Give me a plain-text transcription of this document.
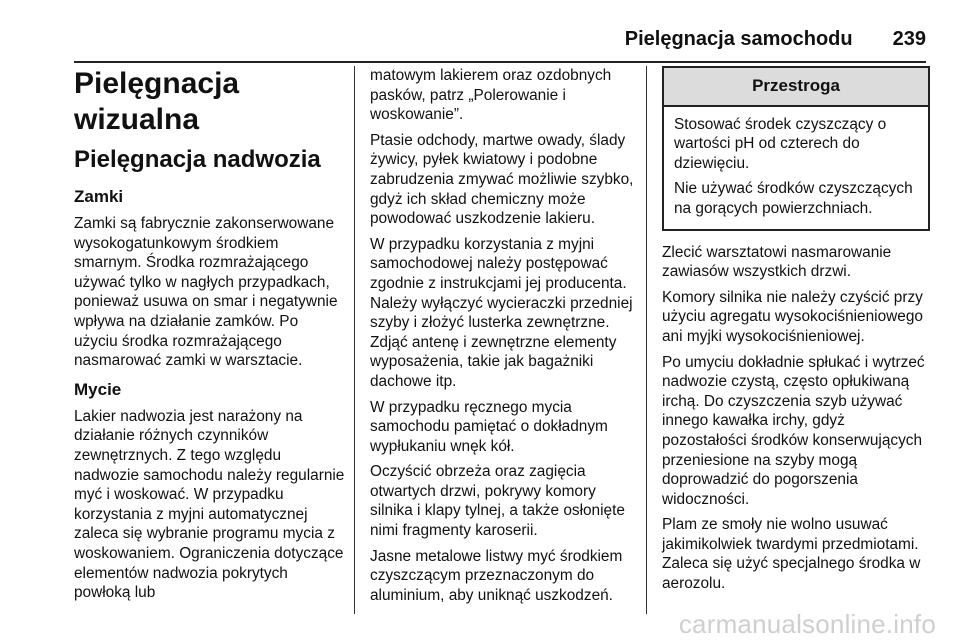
Pielęgnacja samochodu 239
Pielęgnacja wizualna
Pielęgnacja nadwozia
Zamki

Zamki są fabrycznie zakonserwowane wysokogatunkowym środkiem smarnym. Środka rozmrażającego używać tylko w nagłych przypadkach, ponieważ usuwa on smar i negatywnie wpływa na działanie zamków. Po użyciu środka rozmrażającego nasmarować zamki w warsztacie.

Mycie

Lakier nadwozia jest narażony na działanie różnych czynników zewnętrznych. Z tego względu nadwozie samochodu należy regularnie myć i woskować. W przypadku korzystania z myjni automatycznej zaleca się wybranie programu mycia z woskowaniem. Ograniczenia dotyczące elementów nadwozia pokrytych powłoką lub

matowym lakierem oraz ozdobnych pasków, patrz „Polerowanie i woskowanie”.

Ptasie odchody, martwe owady, ślady żywicy, pyłek kwiatowy i podobne zabrudzenia zmywać możliwie szybko, gdyż ich skład chemiczny może powodować uszkodzenie lakieru.

W przypadku korzystania z myjni samochodowej należy postępować zgodnie z instrukcjami jej producenta. Należy wyłączyć wycieraczki przedniej szyby i złożyć lusterka zewnętrzne. Zdjąć antenę i zewnętrzne elementy wyposażenia, takie jak bagażniki dachowe itp.

W przypadku ręcznego mycia samochodu pamiętać o dokładnym wypłukaniu wnęk kół.

Oczyścić obrzeża oraz zagięcia otwartych drzwi, pokrywy komory silnika i klapy tylnej, a także osłonięte nimi fragmenty karoserii.

Jasne metalowe listwy myć środkiem czyszczącym przeznaczonym do aluminium, aby uniknąć uszkodzeń.

Przestroga

Stosować środek czyszczący o wartości pH od czterech do dziewięciu.

Nie używać środków czyszczących na gorących powierzchniach.

Zlecić warsztatowi nasmarowanie zawiasów wszystkich drzwi.

Komory silnika nie należy czyścić przy użyciu agregatu wysokociśnieniowego ani myjki wysokociśnieniowej.

Po umyciu dokładnie spłukać i wytrzeć nadwozie czystą, często opłukiwaną irchą. Do czyszczenia szyb używać innego kawałka irchy, gdyż pozostałości środków konserwujących przeniesione na szyby mogą doprowadzić do pogorszenia widoczności.

Plam ze smoły nie wolno usuwać jakimikolwiek twardymi przedmiotami. Zaleca się użyć specjalnego środka w aerozolu.

carmanualsonline.info
